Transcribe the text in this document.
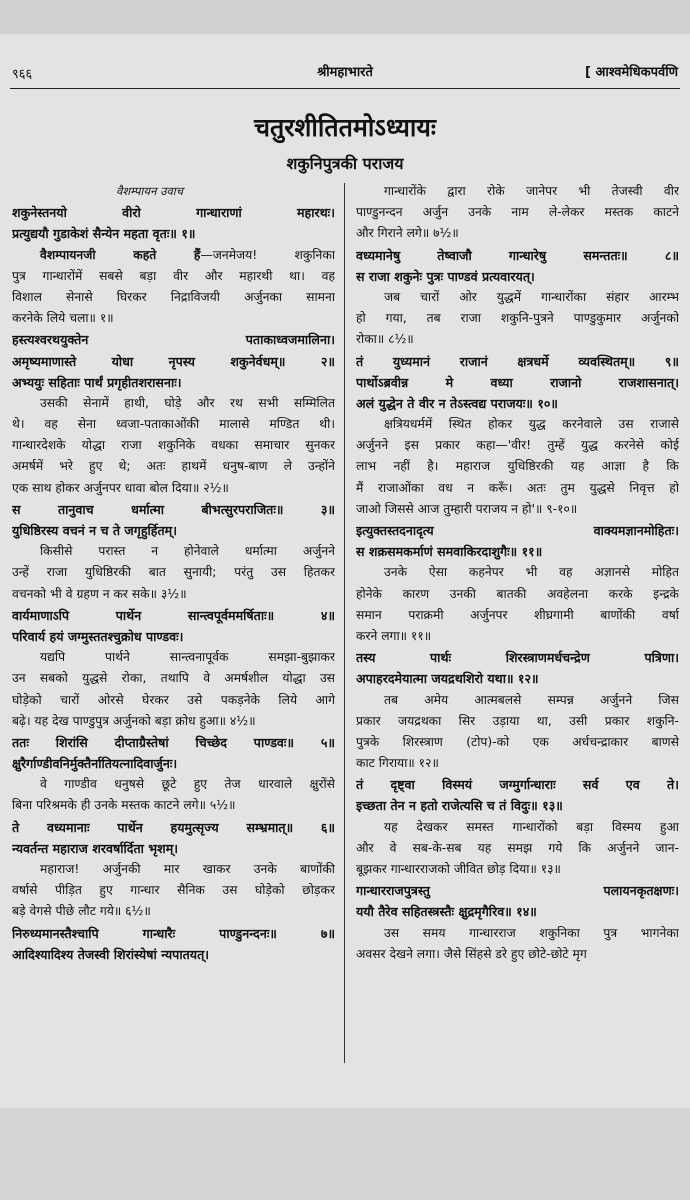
९६६	श्रीमहाभारते	[ आश्वमेधिकपर्वणि
चतुरशीतितमोऽध्यायः
शकुनिपुत्रकी पराजय
वैशम्पायन उवाच
शकुनेस्तनयो वीरो गान्धाराणां महारथः।
प्रत्युद्ययौ गुडाकेशं सैन्येन महता वृतः॥ १॥
वैशम्पायनजी कहते हैं—जनमेजय! शकुनिका
पुत्र गान्धारोंमें सबसे बड़ा वीर और महारथी था। वह
विशाल सेनासे घिरकर निद्राविजयी अर्जुनका सामना
करनेके लिये चला॥ १॥
हस्त्यश्वरथयुक्तेन पताकाध्वजमालिना।
अमृष्यमाणास्ते योधा नृपस्य शकुनेर्वधम्॥ २॥
अभ्ययुः सहिताः पार्थं प्रगृहीतशरासनाः।
उसकी सेनामें हाथी, घोड़े और रथ सभी सम्मिलित
थे। वह सेना ध्वजा-पताकाओंकी मालासे मण्डित थी।
गान्धारदेशके योद्धा राजा शकुनिके वधका समाचार सुनकर
अमर्षमें भरे हुए थे; अतः हाथमें धनुष-बाण ले उन्होंने
एक साथ होकर अर्जुनपर धावा बोल दिया॥ २½॥
स तानुवाच धर्मात्मा बीभत्सुरपराजितः॥ ३॥
युधिष्ठिरस्य वचनं न च ते जगृहुर्हितम्।
किसीसे परास्त न होनेवाले धर्मात्मा अर्जुनने
उन्हें राजा युधिष्ठिरकी बात सुनायी; परंतु उस हितकर
वचनको भी वे ग्रहण न कर सके॥ ३½॥
वार्यमाणाऽपि पार्थेन सान्त्वपूर्वममर्षिताः॥ ४॥
परिवार्य हयं जग्मुस्ततश्चुक्रोध पाण्डवः।
यद्यपि पार्थने सान्त्वनापूर्वक समझा-बुझाकर
उन सबको युद्धसे रोका, तथापि वे अमर्षशील योद्धा उस
घोड़ेको चारों ओरसे घेरकर उसे पकड़नेके लिये आगे
बढ़े। यह देख पाण्डुपुत्र अर्जुनको बड़ा क्रोध हुआ॥ ४½॥
ततः शिरांसि दीप्ताग्रैस्तेषां चिच्छेद पाण्डवः॥ ५॥
क्षुरैर्गाण्डीवनिर्मुक्तैर्नातियत्नादिवार्जुनः।
वे गाण्डीव धनुषसे छूटे हुए तेज धारवाले क्षुरोंसे
बिना परिश्रमके ही उनके मस्तक काटने लगे॥ ५½॥
ते वध्यमानाः पार्थेन हयमुत्सृज्य सम्भ्रमात्॥ ६॥
न्यवर्तन्त महाराज शरवर्षार्दिता भृशम्।
महाराज! अर्जुनकी मार खाकर उनके बाणोंकी
वर्षासे पीड़ित हुए गान्धार सैनिक उस घोड़ेको छोड़कर
बड़े वेगसे पीछे लौट गये॥ ६½॥
निरुध्यमानस्तैश्चापि गान्धारैः पाण्डुनन्दनः॥ ७॥
आदिश्यादिश्य तेजस्वी शिरांस्येषां न्यपातयत्।
गान्धारोंके द्वारा रोके जानेपर भी तेजस्वी वीर
पाण्डुनन्दन अर्जुन उनके नाम ले-लेकर मस्तक काटने
और गिराने लगे॥ ७½॥
वध्यमानेषु तेष्वाजौ गान्धारेषु समन्ततः॥ ८॥
स राजा शकुनेः पुत्रः पाण्डवं प्रत्यवारयत्।
जब चारों ओर युद्धमें गान्धारोंका संहार आरम्भ
हो गया, तब राजा शकुनि-पुत्रने पाण्डुकुमार अर्जुनको
रोका॥ ८½॥
तं युध्यमानं राजानं क्षत्रधर्मे व्यवस्थितम्॥ ९॥
पार्थोऽब्रवीन्न मे वध्या राजानो राजशासनात्।
अलं युद्धेन ते वीर न तेऽस्त्वद्य पराजयः॥ १०॥
क्षत्रियधर्ममें स्थित होकर युद्ध करनेवाले उस राजासे
अर्जुनने इस प्रकार कहा—'वीर! तुम्हें युद्ध करनेसे कोई
लाभ नहीं है। महाराज युधिष्ठिरकी यह आज्ञा है कि
मैं राजाओंका वध न करूँ। अतः तुम युद्धसे निवृत्त हो
जाओ जिससे आज तुम्हारी पराजय न हो'॥ ९-१०॥
इत्युक्तस्तदनादृत्य वाक्यमज्ञानमोहितः।
स शक्रसमकर्माणं समवाकिरदाशुगैः॥ ११॥
उनके ऐसा कहनेपर भी वह अज्ञानसे मोहित
होनेके कारण उनकी बातकी अवहेलना करके इन्द्रके
समान पराक्रमी अर्जुनपर शीघ्रगामी बाणोंकी वर्षा
करने लगा॥ ११॥
तस्य पार्थः शिरस्त्राणमर्धचन्द्रेण पत्रिणा।
अपाहरदमेयात्मा जयद्रथशिरो यथा॥ १२॥
तब अमेय आत्मबलसे सम्पन्न अर्जुनने जिस
प्रकार जयद्रथका सिर उड़ाया था, उसी प्रकार शकुनि-
पुत्रके शिरस्त्राण (टोप)-को एक अर्धचन्द्राकार बाणसे
काट गिराया॥ १२॥
तं दृष्ट्वा विस्मयं जग्मुर्गान्धाराः सर्व एव ते।
इच्छता तेन न हतो राजेत्यसि च तं विदुः॥ १३॥
यह देखकर समस्त गान्धारोंको बड़ा विस्मय हुआ
और वे सब-के-सब यह समझ गये कि अर्जुनने जान-
बूझकर गान्धारराजको जीवित छोड़ दिया॥ १३॥
गान्धारराजपुत्रस्तु पलायनकृतक्षणः।
ययौ तैरेव सहितस्त्रस्तैः क्षुद्रमृगैरिव॥ १४॥
उस समय गान्धारराज शकुनिका पुत्र भागनेका
अवसर देखने लगा। जैसे सिंहसे डरे हुए छोटे-छोटे मृग
